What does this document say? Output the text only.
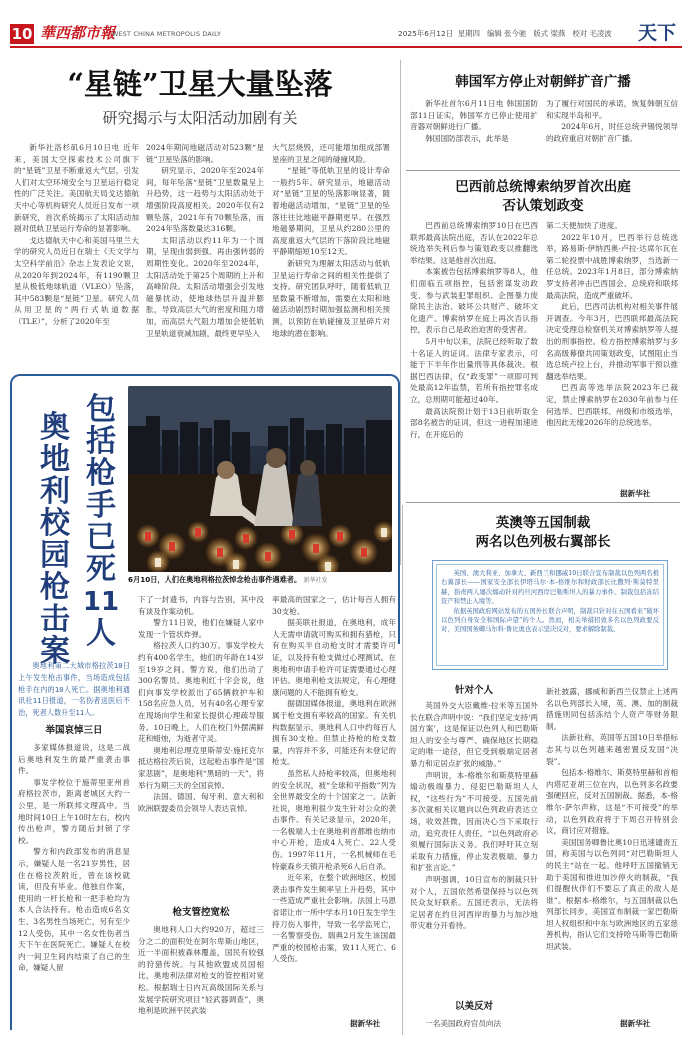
10 華西都市報
WEST CHINA METROPOLIS DAILY	2025年6月12日  星期四   编辑 张今驰   版式 梁燕   校对 毛凌波 天下
“星链”卫星大量坠落
研究揭示与太阳活动加剧有关

新华社洛杉矶6月10日电 近年来，美国太空探索技术公司旗下的“星链”卫星不断重返大气层，引发人们对太空环境安全与卫星运行稳定性的广泛关注。美国航天局戈达德航天中心等机构研究人员近日发布一项新研究，首次系统揭示了太阳活动加剧对低轨卫星运行寿命的显著影响。

戈达德航天中心和美国马里兰大学的研究人员近日在瑞士《天文学与太空科学前沿》杂志上发表论文说，从2020年到2024年，有1190颗卫星从极低地球轨道（VLEO）坠落，其中583颗是“星链”卫星。研究人员从用卫星的“两行式轨道数据（TLE）”，分析了2020年至

2024年期间地磁活动对523颗“星链”卫星坠落的影响。

研究显示，2020年至2024年间，每年坠落“星链”卫星数量呈上升趋势，这一趋势与太阳活动处于增强阶段高度相关。2020年仅有2颗坠落，2021年有70颗坠落，而2024年坠落数量达316颗。

太阳活动以约11年为一个周期，呈现由弱到强、再由强转弱的周期性变化。2020年至2024年，太阳活动处于第25个周期的上升和高峰阶段。太阳活动增强会引发地磁暴扰动，使地球热层升温并膨胀，导致高层大气的密度和阻力增加，而高层大气阻力增加会使低轨卫星轨道衰减加剧，最终更早坠入

大气层烧毁，还可能增加组成部署星座的卫星之间的碰撞风险。

“星链”等低轨卫星的设计寿命一般约5年。研究显示，地磁活动对“星链”卫星的坠落影响显著，随着地磁活动增加，“星链”卫星的坠落往往比地磁平静期更早。在强烈地磁暴期间，卫星从约280公里的高度重返大气层的下落阶段比地磁平静期缩短10至12天。

新研究为理解太阳活动与低轨卫星运行寿命之间的相关性提供了支持。研究团队呼吁，随着低轨卫星数量不断增加，需要在太阳和地磁活动剧烈时期加强监测和相关预测，以预防在轨碰撞及卫星碎片对地球的潜在影响。

韩国军方停止对朝鲜扩音广播

新华社首尔6月11日电 韩国国防部11日证实，韩国军方已停止使用扩音器对朝鲜进行广播。

韩国国防部表示，此举是

为了履行对国民的承诺，恢复韩朝互信和实现半岛和平。

2024年6月，时任总统尹锡悦领导的政府重启对朝扩音广播。

巴西前总统博索纳罗首次出庭
否认策划政变

巴西前总统博索纳罗10日在巴西联邦最高法院出庭，否认在2022年总统选举失利后参与策划政变以推翻选举结果。这是他首次出庭。

本案被告包括博索纳罗等8人，他们面临五项指控，包括密谋发动政变、参与武装犯罪组织、企图暴力废除民主法治、破坏公共财产、破坏文化遗产。博索纳罗在庭上再次否认指控，表示自己是政治迫害的受害者。

5月中旬以来，法院已经听取了数十名证人的证词。法律专家表示，可能于下半年作出量刑等具体裁决。根据巴西法律，仅“政变罪”一项即可判处最高12年监禁，若所有指控罪名成立，总刑期可能超过40年。

最高法院预计划于13日前听取全部8名被告的证词，但这一进程加速进行，在开庭后的

第二天便加快了进度。

2022年10月，巴西举行总统选举，路易斯·伊纳西奥·卢拉·达席尔瓦在第二轮投票中战胜博索纳罗，当选新一任总统。2023年1月8日，部分博索纳罗支持者冲击巴西国会、总统府和联邦最高法院，造成严重破坏。

此后，巴西司法机构对相关事件展开调查。今年3月，巴西联邦最高法院决定受理总检察机关对博索纳罗等人提出的刑事指控。检方指控博索纳罗与多名高级幕僚共同策划政变，试图阻止当选总统卢拉上台，并推动军事干预以推翻选举结果。

巴西高等选举法院2023年已裁定，禁止博索纳罗在2030年前参与任何选举。巴西联邦、州级和市级选举，他因此无缘2026年的总统选举。

据新华社
英澳等五国制裁
两名以色列极右翼部长
英国、澳大利亚、加拿大、新西兰和挪威10日联合宣布制裁以色列两名极右翼部长——国家安全部长伊塔马尔·本-格维尔和财政部长比撒列·斯莫特里赫，指责两人屡次煽动针对约旦河西岸巴勒斯坦人的暴力事件。制裁包括冻结资产和禁止入境等。
依据英国政府网站发布的五国外长联合声明，制裁只针对在五国看来“破坏以色列自身安全和国际声望”的个人。然而，相关举措招致多名以色列政要反对，美国国务卿马尔科·鲁比奥也表示坚决反对，要求解除制裁。
针对个人

英国外交大臣戴维·拉米等五国外长在联合声明中说：“我们坚定支持‘两国方案’，这是保证以色列人和巴勒斯坦人的安全与尊严、确保地区长期稳定的唯一途径，但它受到极端定居者暴力和定居点扩张的威胁。”

声明说，本-格维尔和斯莫特里赫煽动极端暴力、侵犯巴勒斯坦人人权，“这些行为”不可接受。五国先前多次就相关议题向以色列政府表达立场，收效甚微，因而决心当下采取行动，追究责任人责任。“以色列政府必须履行国际法义务。我们呼吁其立刻采取有力措施，停止发表极端、暴力和扩张言论。”

声明强调，10日宣布的制裁只针对个人，五国依然希望保持与以色列民众友好联系。五国还表示，无法将定居者在约旦河西岸的暴力与加沙地带灾难分开看待。

以美反对

一名美国政府官员向法

新社披露，挪威和新西兰仅禁止上述两名以色列部长入境，英、澳、加的制裁措施则同包括冻结个人资产等财务限制。

法新社称，英国等五国10日举措标志其与以色列越来越密置反发国“决裂”。

包括本-格维尔、斯莫特里赫和首相内塔尼亚胡三位在内，以色列多名政要强硬回应，反对五国制裁。据悉，本-格维尔·萨尔声称，这是“不可接受”的举动，以色列政府将于下周召开特别会议，商讨应对措施。

美国国务卿鲁比奥10日迅速谴责五国，称美国与以色列同“对巴勒斯坦人的民主“站在一起。他呼吁五国撤销无助于美国和推进加沙停火的制裁，“我们提醒伙伴们不要忘了真正的敌人是谁”。根据本-格维尔，与五国制裁以色列部长同步，美国宣布制裁一家巴勒斯坦人权组织和中东与欧洲地区的五家慈善机构，指认它们支持哈马斯等巴勒斯坦武装。

据新华社
包
括
枪
手
已
死
11
人
奥
地
利
校
园
枪
击
案
6月10日，人们在奥地利格拉茨悼念枪击事件遇难者。 新华社发
奥地利第二大城市格拉茨10日上午发生枪击事件，当场造成包括枪手在内的10人死亡。据奥地利通讯社11日报道，一名伤者送医后不治，死者人数升至11人。
举国哀悼三日

多家媒体报道说，这是二战后奥地利发生的最严重袭击事件。

事发学校位于施蒂里亚州首府格拉茨市，距离老城区大约一公里，是一所联邦文理高中。当地时间10日上午10时左右，校内传出枪声，警方随后封锁了学校。

警方和内政部发布的消息显示，嫌疑人是一名21岁男性，居住在格拉茨附近，曾在该校就读，但没有毕业。他独自作案，使用的一杆长枪和一把手枪均为本人合法持有。枪击造成6名女生、3名男性当场死亡，另有至少12人受伤，其中一名女性伤者当天下午在医院死亡。嫌疑人在校内一间卫生间内结束了自己的生命，嫌疑人留

下了一封遗书，内容与告别，其中没有谈及作案动机。

警方11日说，他们在嫌疑人家中发现一个管状炸弹。

格拉茨人口约30万。事发学校大约有400名学生，他们的年龄在14岁至19岁之间。警方说，他们出动了300名警员。奥地利红十字会说，他们向事发学校派出了65辆救护车和158名应急人员，另有40名心理专家在现场向学生和家长提供心理疏导服务。10日晚上，人们在校门外摆满鲜花和蜡烛，为逝者守灵。

奥地利总理克里斯蒂安·施托克尔抵达格拉茨后说，这起枪击事件是“国家悲剧”，是奥地利“黑暗的一天”，将举行为期三天的全国哀悼。

法国、德国、匈牙利、意大利和欧洲联盟委员会领导人表达哀悼。

枪支管控宽松

奥地利人口大约920万，超过三分之二的面积处在阿尔卑斯山地区，近一半面积被森林覆盖，国民有较强的狩猎传统。与其他欧盟成员国相比，奥地利法律对枪支的管控相对宽松。根据瑞士日内瓦高级国际关系与发展学院研究项目“轻武器调查”，奥地利是欧洲平民武装

率最高的国家之一，估计每百人拥有30支枪。

据美联社报道，在奥地利，成年人无需申请就可购买和拥有猎枪，只有在购买半自动枪支时才需要许可证，以及持有枪支做过心理测试。在奥地利申请手枪许可证需要通过心理评估。奥地利枪支法规定，有心理健康问题的人不能拥有枪支。

据德国媒体报道，奥地利在欧洲属于枪支拥有率较高的国家。有关机构数据显示，奥地利人口中约每百人拥有30支枪。但禁止持枪的枪支数量，内容并不多，可能还有未登记的枪支。

虽然私人持枪率较高，但奥地利的安全状况，被“全球和平指数”列为全世界最安全的十个国家之一。法新社说，奥地利很少发生针对公众的袭击事件。有关记录显示，2020年，一名极端人士在奥地利首都维也纳市中心开枪，造成4人死亡、22人受伤。1997年11月，一名机械师在毛特豪森乡天镇开枪杀死6人后自杀。

近年来，在整个欧洲地区，校园袭击事件发生频率呈上升趋势，其中一些造成严重社会影响。法国上马恩省诺让市一所中学本月10日发生学生持刀伤人事件，导致一名学监死亡，一名警察受伤。瑞典2月发生该国最严重的校园枪击案，致11人死亡、6人受伤。

据新华社
